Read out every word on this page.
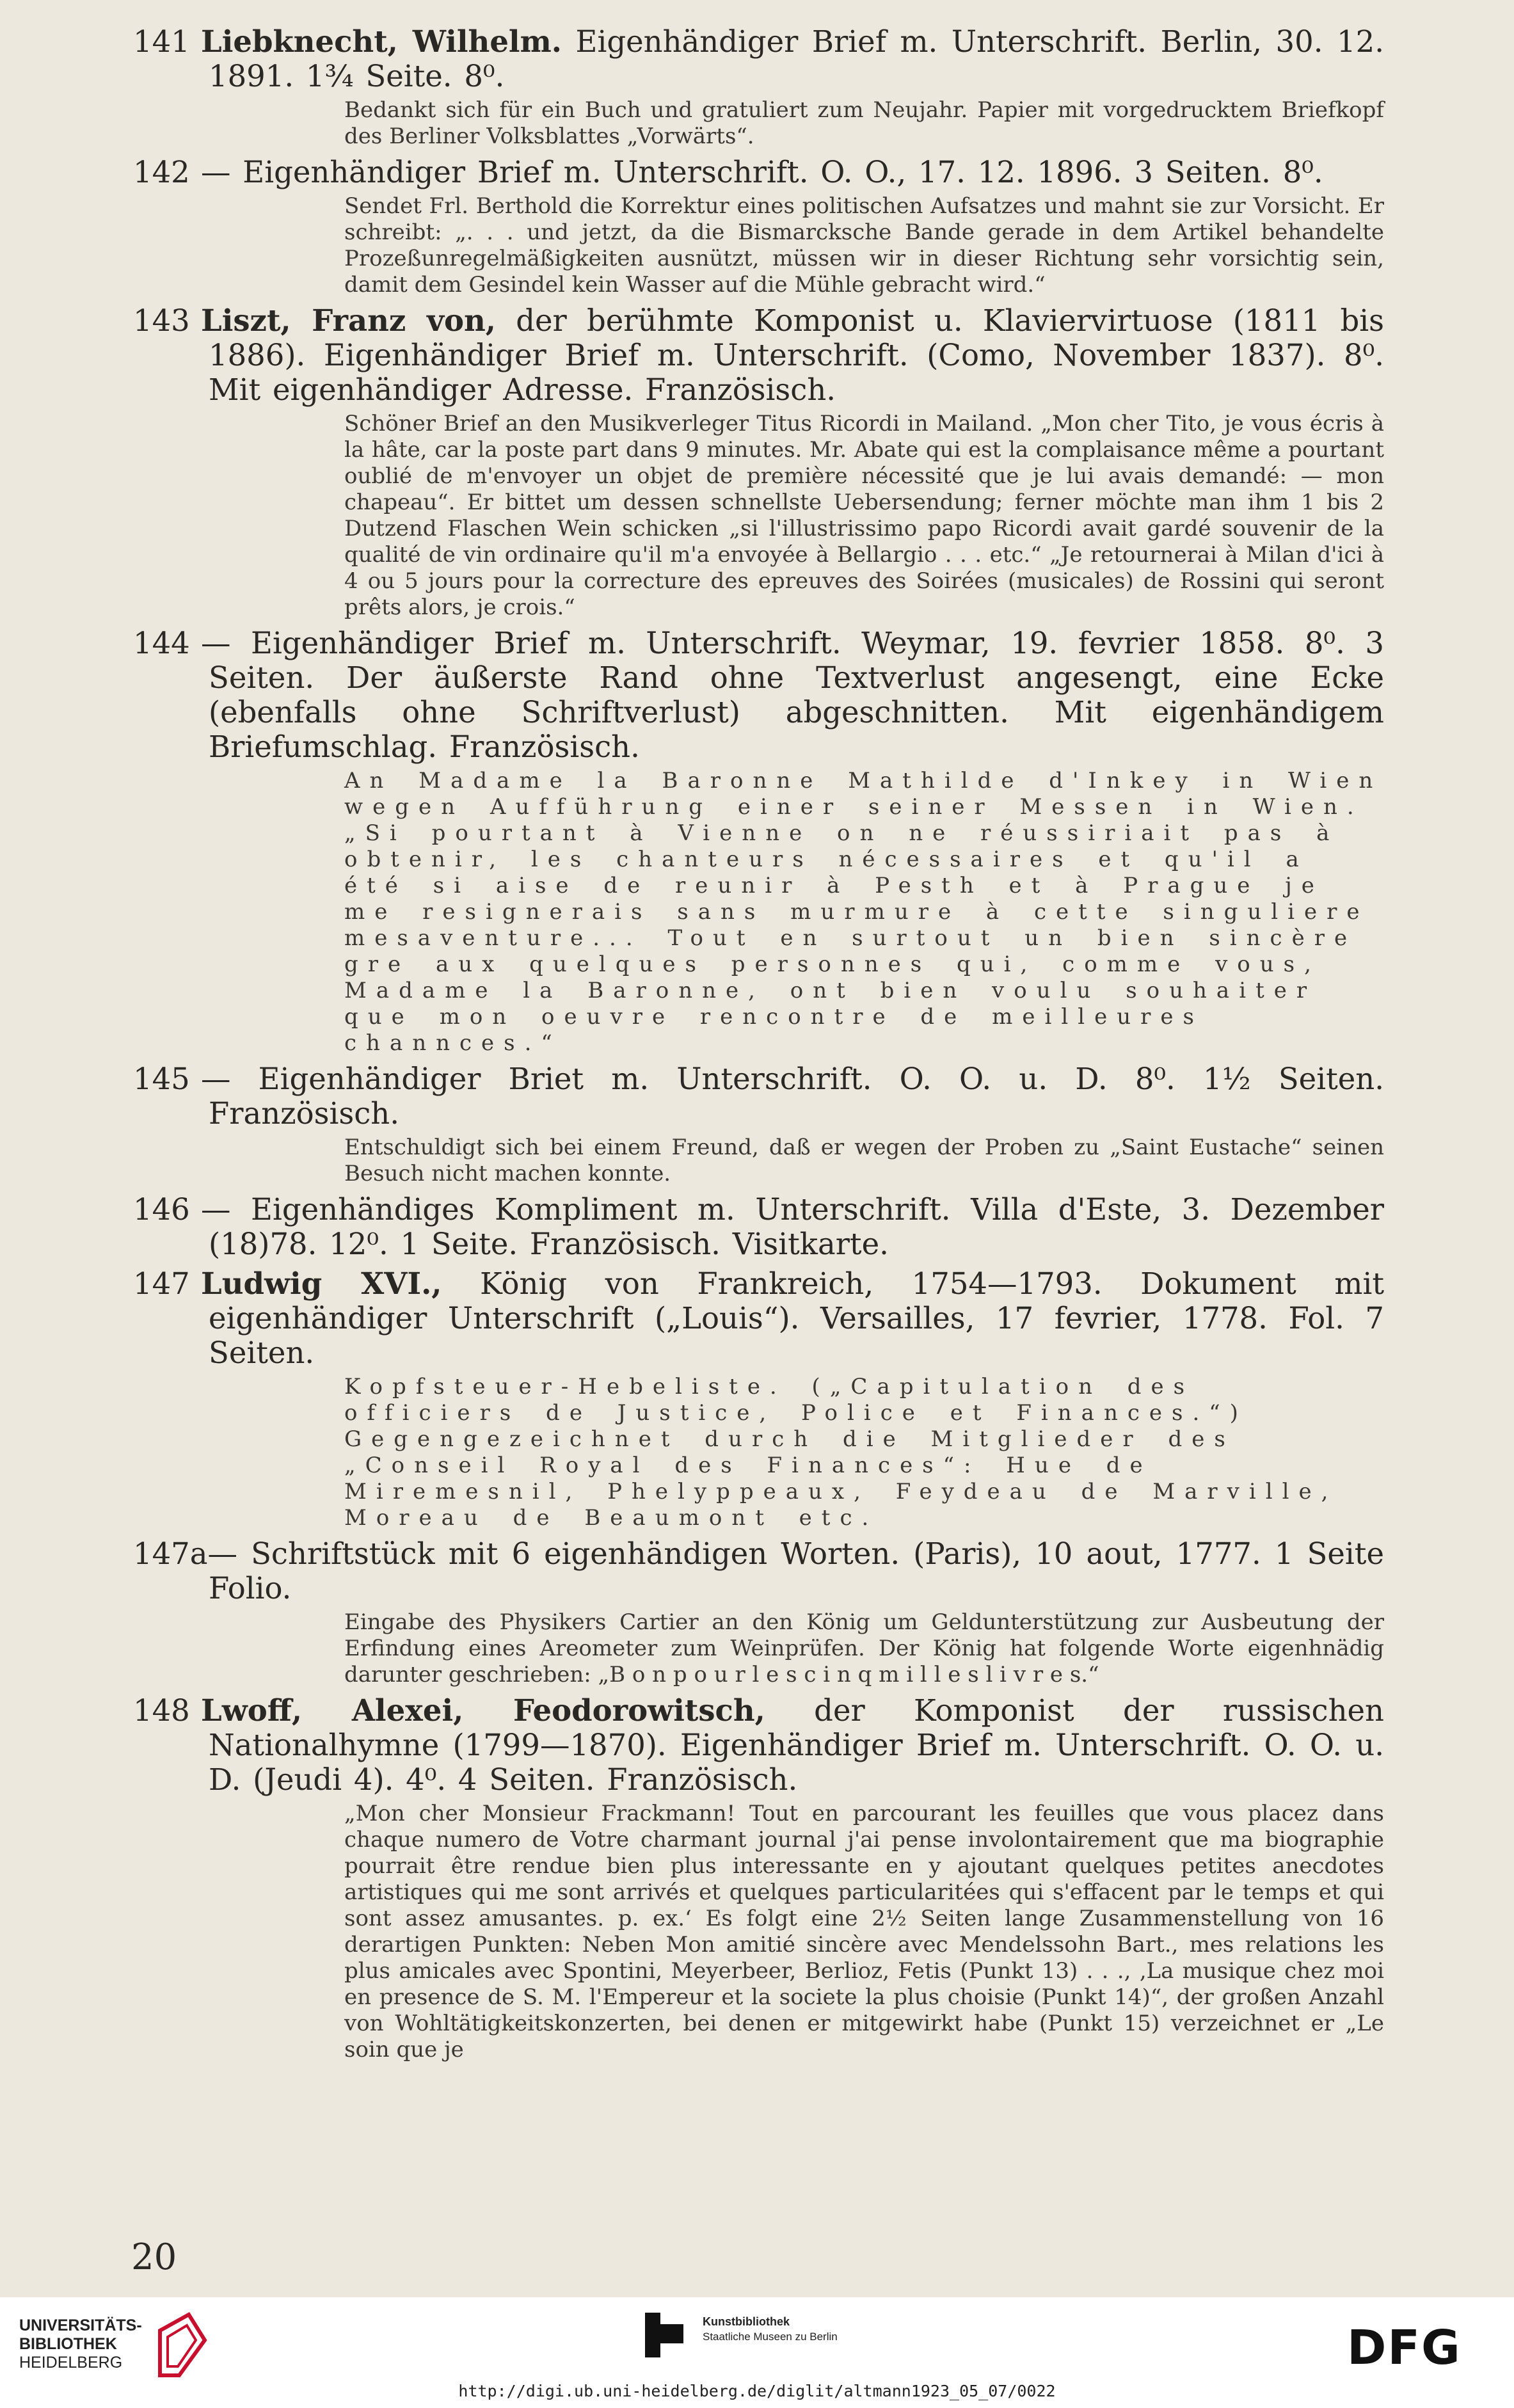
141 Liebknecht, Wilhelm. Eigenhändiger Brief m. Unterschrift. Berlin, 30. 12. 1891. 1¾ Seite. 8⁰.
Bedankt sich für ein Buch und gratuliert zum Neujahr. Papier mit vorgedrucktem Briefkopf des Berliner Volksblattes „Vorwärts“.
142 — Eigenhändiger Brief m. Unterschrift. O. O., 17. 12. 1896. 3 Seiten. 8⁰.
Sendet Frl. Berthold die Korrektur eines politischen Aufsatzes und mahnt sie zur Vorsicht. Er schreibt: „. . . und jetzt, da die Bismarcksche Bande gerade in dem Artikel behandelte Prozeßunregelmäßigkeiten ausnützt, müssen wir in dieser Richtung sehr vorsichtig sein, damit dem Gesindel kein Wasser auf die Mühle gebracht wird.“
143 Liszt, Franz von, der berühmte Komponist u. Klaviervirtuose (1811 bis 1886). Eigenhändiger Brief m. Unterschrift. (Como, November 1837). 8⁰. Mit eigenhändiger Adresse. Französisch.
Schöner Brief an den Musikverleger Titus Ricordi in Mailand. „Mon cher Tito, je vous écris à la hâte, car la poste part dans 9 minutes. Mr. Abate qui est la complaisance même a pourtant oublié de m'envoyer un objet de première nécessité que je lui avais demandé: — mon chapeau“. Er bittet um dessen schnellste Uebersendung; ferner möchte man ihm 1 bis 2 Dutzend Flaschen Wein schicken „si l'illustrissimo papo Ricordi avait gardé souvenir de la qualité de vin ordinaire qu'il m'a envoyée à Bellargio . . . etc.“ „Je retournerai à Milan d'ici à 4 ou 5 jours pour la correcture des epreuves des Soirées (musicales) de Rossini qui seront prêts alors, je crois.“
144 — Eigenhändiger Brief m. Unterschrift. Weymar, 19. fevrier 1858. 8⁰. 3 Seiten. Der äußerste Rand ohne Textverlust angesengt, eine Ecke (ebenfalls ohne Schriftverlust) abgeschnitten. Mit eigenhändigem Briefumschlag. Französisch.
An Madame la Baronne Mathilde d'Inkey in Wien wegen Aufführung einer seiner Messen in Wien. „Si pourtant à Vienne on ne réussiriait pas à obtenir, les chanteurs nécessaires et qu'il a été si aise de reunir à Pesth et à Prague je me resignerais sans murmure à cette singuliere mesaventure... Tout en surtout un bien sincère gre aux quelques personnes qui, comme vous, Madame la Baronne, ont bien voulu souhaiter que mon oeuvre rencontre de meilleures channces.“
145 — Eigenhändiger Briet m. Unterschrift. O. O. u. D. 8⁰. 1½ Seiten. Französisch.
Entschuldigt sich bei einem Freund, daß er wegen der Proben zu „Saint Eustache“ seinen Besuch nicht machen konnte.
146 — Eigenhändiges Kompliment m. Unterschrift. Villa d'Este, 3. Dezember (18)78. 12⁰. 1 Seite. Französisch. Visitkarte.
147 Ludwig XVI., König von Frankreich, 1754—1793. Dokument mit eigenhändiger Unterschrift („Louis“). Versailles, 17 fevrier, 1778. Fol. 7 Seiten.
Kopfsteuer-Hebeliste. („Capitulation des officiers de Justice, Police et Finances.“) Gegengezeichnet durch die Mitglieder des „Conseil Royal des Finances“: Hue de Miremesnil, Phelyppeaux, Feydeau de Marville, Moreau de Beaumont etc.
147a— Schriftstück mit 6 eigenhändigen Worten. (Paris), 10 aout, 1777. 1 Seite Folio.
Eingabe des Physikers Cartier an den König um Geldunterstützung zur Ausbeutung der Erfindung eines Areometer zum Weinprüfen. Der König hat folgende Worte eigenhnädig darunter geschrieben: „B o n p o u r l e s c i n q m i l l e s l i v r e s.“
148 Lwoff, Alexei, Feodorowitsch, der Komponist der russischen Nationalhymne (1799—1870). Eigenhändiger Brief m. Unterschrift. O. O. u. D. (Jeudi 4). 4⁰. 4 Seiten. Französisch.
„Mon cher Monsieur Frackmann! Tout en parcourant les feuilles que vous placez dans chaque numero de Votre charmant journal j'ai pense involontairement que ma biographie pourrait être rendue bien plus interessante en y ajoutant quelques petites anecdotes artistiques qui me sont arrivés et quelques particularitées qui s'effacent par le temps et qui sont assez amusantes. p. ex.‘ Es folgt eine 2½ Seiten lange Zusammenstellung von 16 derartigen Punkten: Neben Mon amitié sincère avec Mendelssohn Bart., mes relations les plus amicales avec Spontini, Meyerbeer, Berlioz, Fetis (Punkt 13) . . ., ‚La musique chez moi en presence de S. M. l'Empereur et la societe la plus choisie (Punkt 14)“, der großen Anzahl von Wohltätigkeitskonzerten, bei denen er mitgewirkt habe (Punkt 15) verzeichnet er „Le soin que je
20
UNIVERSITÄTS-
BIBLIOTHEK
HEIDELBERG
Kunstbibliothek
Staatliche Museen zu Berlin	DFG
http://digi.ub.uni-heidelberg.de/diglit/altmann1923_05_07/0022
